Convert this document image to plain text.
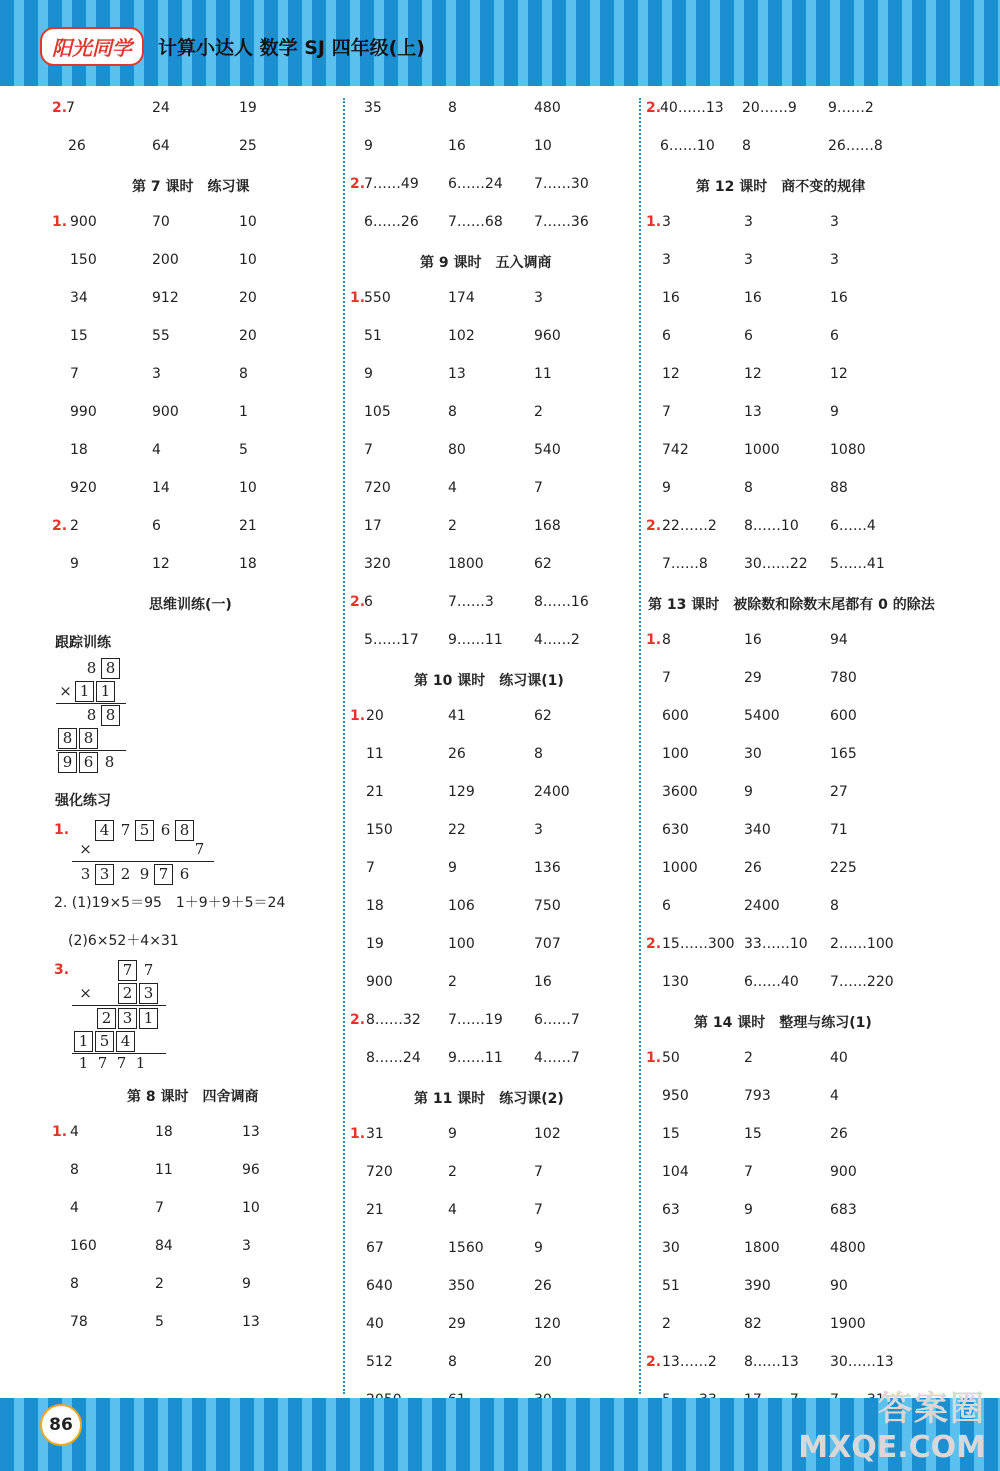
阳光同学	计算小达人 数学 SJ 四年级(上)
2.
7	24	19
26	64	25
第 7 课时　练习课
1. 900	70	10
150	200	10
34	912	20
15	55	20
7	3	8
990	900	1
18	4	5
920	14	10
2. 2	6	21
9	12	18
思维训练(一)
跟踪训练
8 8
× 1 1
8 8
8 8
9 6 8
强化练习
1.	4 7 5 6 8
×	7
3 3 2 9 7 6
2. (1)19×5＝95　1＋9＋9＋5＝24
(2)6×52＋4×31
3.	7 7
× 2 3
2 3 1
1 5 4
1 7 7 1
第 8 课时　四舍调商
1. 4	18	13
8	11	96
4	7	10
160	84	3
8	2	9
78	5	13
35	8	480
9	16	10
2.
7……49 6……24 7……30
6……26 7……68 7……36
第 9 课时　五入调商
1.
550	174	3
51	102	960
9	13	11
105	8	2
7	80	540
720	4	7
17	2	168
320	1800	62
2.
6	7……3	8……16
5……17 9……11 4……2
第 10 课时　练习课(1)
1. 20	41	62
11	26	8
21	129	2400
150	22	3
7	9	136
18	106	750
19	100	707
900	2	16
2. 8……32 7……19 6……7
8……24 9……11 4……7
第 11 课时　练习课(2)
1. 31	9	102
720	2	7
21	4	7
67	1560	9
640	350	26
40	29	120
512	8	20
2.
40……13 20……9 9……2
6……10 8	26……8
第 12 课时　商不变的规律
1. 3	3	3
3	3	3
16	16	16
6	6	6
12	12	12
7	13	9
742	1000	1080
9	8	88
2. 22……2 8……10 6……4
7……8	30……22 5……41
第 13 课时　被除数和除数末尾都有 0 的除法
1. 8	16	94
7	29	780
600	5400	600
100	30	165
3600	9	27
630	340	71
1000	26	225
6	2400	8
2. 15……300 33……10 2……100
130	6……40 7……220
第 14 课时　整理与练习(1)
1. 50	2	40
950	793	4
15	15	26
104	7	900
63	9	683
30	1800	4800
51	390	90
2	82	1900
2. 13……2 8……13 30……13
86	答案圈
MXQE.COM
